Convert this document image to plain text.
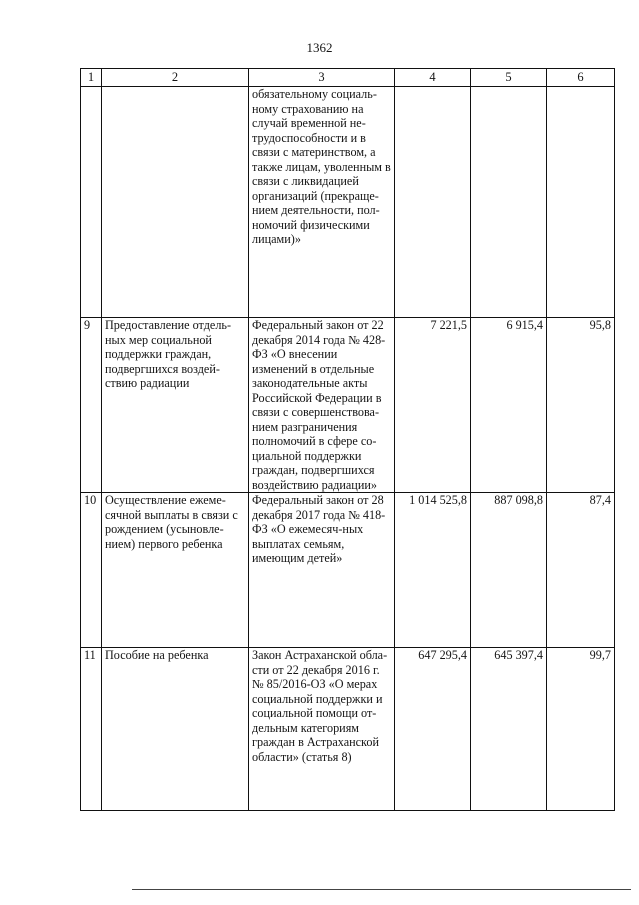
1362
1	2	3	4	5	6
		обязательному социаль-ному страхованию на случай временной не-трудоспособности и в связи с материнством, а также лицам, уволенным в связи с ликвидацией организаций (прекраще-нием деятельности, пол-номочий физическими лицами)»			
9	Предоставление отдель-ных мер социальной поддержки граждан, подвергшихся воздей-ствию радиации	Федеральный закон от 22 декабря 2014 года № 428-ФЗ «О внесении изменений в отдельные законодательные акты Российской Федерации в связи с совершенствова-нием разграничения полномочий в сфере со-циальной поддержки граждан, подвергшихся воздействию радиации»	7 221,5	6 915,4	95,8
10	Осуществление ежеме-сячной выплаты в связи с рождением (усыновле-нием) первого ребенка	Федеральный закон от 28 декабря 2017 года № 418-ФЗ «О ежемесяч-ных выплатах семьям, имеющим детей»	1 014 525,8	887 098,8	87,4
11	Пособие на ребенка	Закон Астраханской обла-сти от 22 декабря 2016 г. № 85/2016-ОЗ «О мерах социальной поддержки и социальной помощи от-дельным категориям граждан в Астраханской области» (статья 8)	647 295,4	645 397,4	99,7
